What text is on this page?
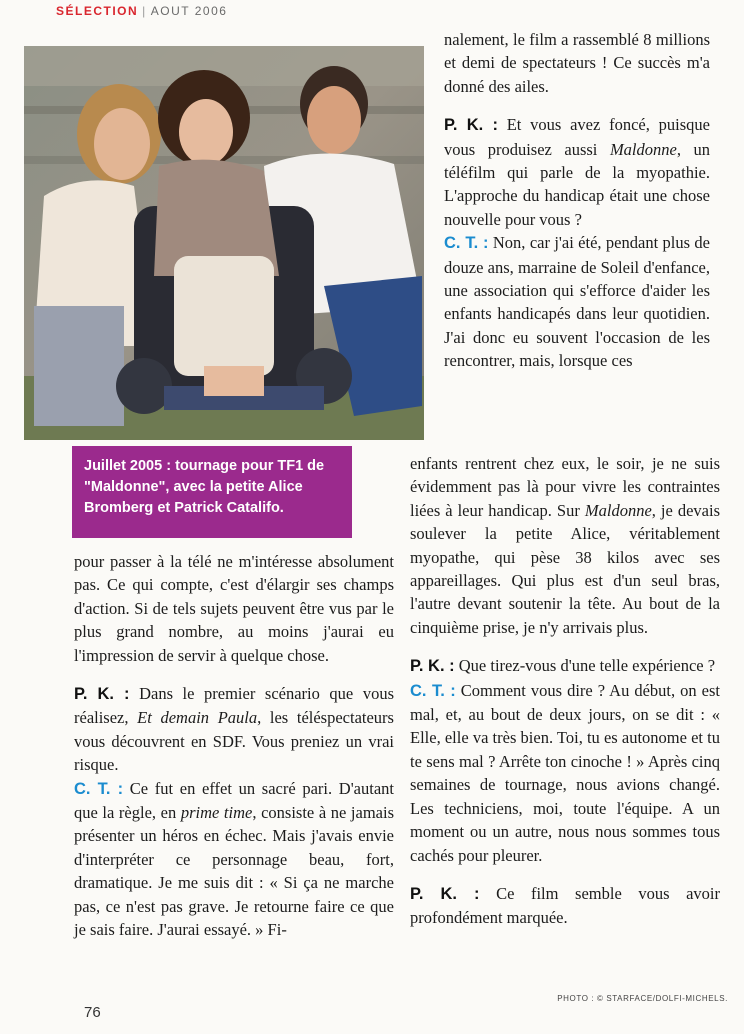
SÉLECTION | AOUT 2006
Juillet 2005 : tournage pour TF1 de "Maldonne", avec la petite Alice Bromberg et Patrick Catalifo.

nalement, le film a rassemblé 8 millions et demi de spectateurs ! Ce succès m'a donné des ailes.

P. K. : Et vous avez foncé, puisque vous produisez aussi Maldonne, un téléfilm qui parle de la myopathie. L'approche du handicap était une chose nouvelle pour vous ?

C. T. : Non, car j'ai été, pendant plus de douze ans, marraine de Soleil d'enfance, une association qui s'efforce d'aider les enfants handicapés dans leur quotidien. J'ai donc eu souvent l'occasion de les rencontrer, mais, lorsque ces

enfants rentrent chez eux, le soir, je ne suis évidemment pas là pour vivre les contraintes liées à leur handicap. Sur Maldonne, je devais soulever la petite Alice, véritablement myopathe, qui pèse 38 kilos avec ses appareillages. Qui plus est d'un seul bras, l'autre devant soutenir la tête. Au bout de la cinquième prise, je n'y arrivais plus.

P. K. : Que tirez-vous d'une telle expérience ?

C. T. : Comment vous dire ? Au début, on est mal, et, au bout de deux jours, on se dit : « Elle, elle va très bien. Toi, tu es autonome et tu te sens mal ? Arrête ton cinoche ! » Après cinq semaines de tournage, nous avions changé. Les techniciens, moi, toute l'équipe. A un moment ou un autre, nous nous sommes tous cachés pour pleurer.

P. K. : Ce film semble vous avoir profondément marquée.

pour passer à la télé ne m'intéresse absolument pas. Ce qui compte, c'est d'élargir ses champs d'action. Si de tels sujets peuvent être vus par le plus grand nombre, au moins j'aurai eu l'impression de servir à quelque chose.

P. K. : Dans le premier scénario que vous réalisez, Et demain Paula, les téléspectateurs vous découvrent en SDF. Vous preniez un vrai risque.

C. T. : Ce fut en effet un sacré pari. D'autant que la règle, en prime time, consiste à ne jamais présenter un héros en échec. Mais j'avais envie d'interpréter ce personnage beau, fort, dramatique. Je me suis dit : « Si ça ne marche pas, ce n'est pas grave. Je retourne faire ce que je sais faire. J'aurai essayé. » Fi-

76
PHOTO : © STARFACE/DOLFI-MICHELS.
